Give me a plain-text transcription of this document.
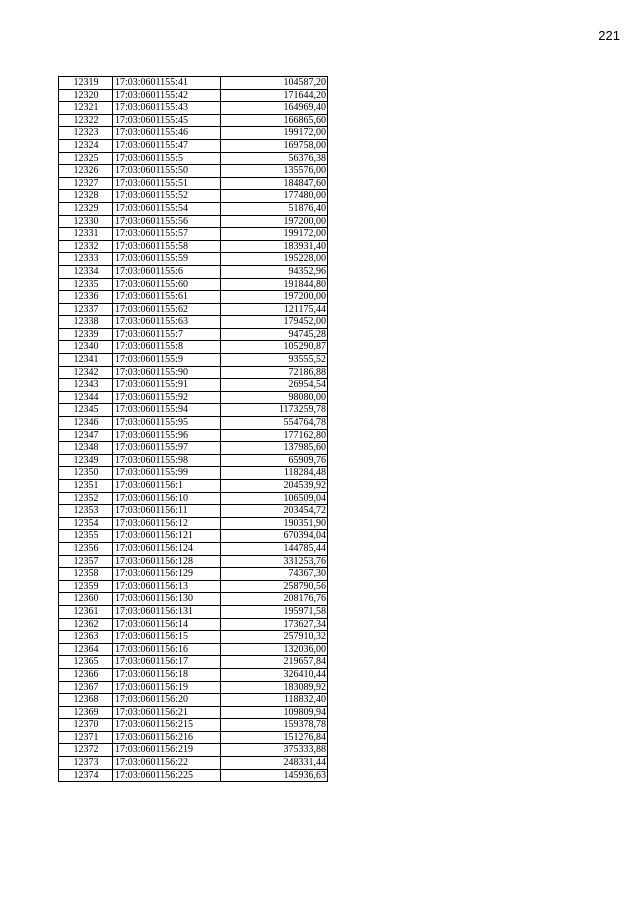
221
12319	17:03:0601155:41	104587,20
12320	17:03:0601155:42	171644,20
12321	17:03:0601155:43	164969,40
12322	17:03:0601155:45	166865,60
12323	17:03:0601155:46	199172,00
12324	17:03:0601155:47	169758,00
12325	17:03:0601155:5	56376,38
12326	17:03:0601155:50	135576,00
12327	17:03:0601155:51	184847,60
12328	17:03:0601155:52	177480,00
12329	17:03:0601155:54	51876,40
12330	17:03:0601155:56	197200,00
12331	17:03:0601155:57	199172,00
12332	17:03:0601155:58	183931,40
12333	17:03:0601155:59	195228,00
12334	17:03:0601155:6	94352,96
12335	17:03:0601155:60	191844,80
12336	17:03:0601155:61	197200,00
12337	17:03:0601155:62	121175,44
12338	17:03:0601155:63	179452,00
12339	17:03:0601155:7	94745,28
12340	17:03:0601155:8	105290,87
12341	17:03:0601155:9	93555,52
12342	17:03:0601155:90	72186,88
12343	17:03:0601155:91	26954,54
12344	17:03:0601155:92	98080,00
12345	17:03:0601155:94	1173259,78
12346	17:03:0601155:95	554764,78
12347	17:03:0601155:96	177162,80
12348	17:03:0601155:97	137985,60
12349	17:03:0601155:98	65909,76
12350	17:03:0601155:99	118284,48
12351	17:03:0601156:1	204539,92
12352	17:03:0601156:10	106509,04
12353	17:03:0601156:11	203454,72
12354	17:03:0601156:12	190351,90
12355	17:03:0601156:121	670394,04
12356	17:03:0601156:124	144785,44
12357	17:03:0601156:128	331253,76
12358	17:03:0601156:129	74367,30
12359	17:03:0601156:13	258790,56
12360	17:03:0601156:130	208176,76
12361	17:03:0601156:131	195971,58
12362	17:03:0601156:14	173627,34
12363	17:03:0601156:15	257910,32
12364	17:03:0601156:16	132036,00
12365	17:03:0601156:17	219657,84
12366	17:03:0601156:18	326410,44
12367	17:03:0601156:19	183089,92
12368	17:03:0601156:20	118832,40
12369	17:03:0601156:21	109809,94
12370	17:03:0601156:215	159378,78
12371	17:03:0601156:216	151276,84
12372	17:03:0601156:219	375333,88
12373	17:03:0601156:22	248331,44
12374	17:03:0601156:225	145936,63
